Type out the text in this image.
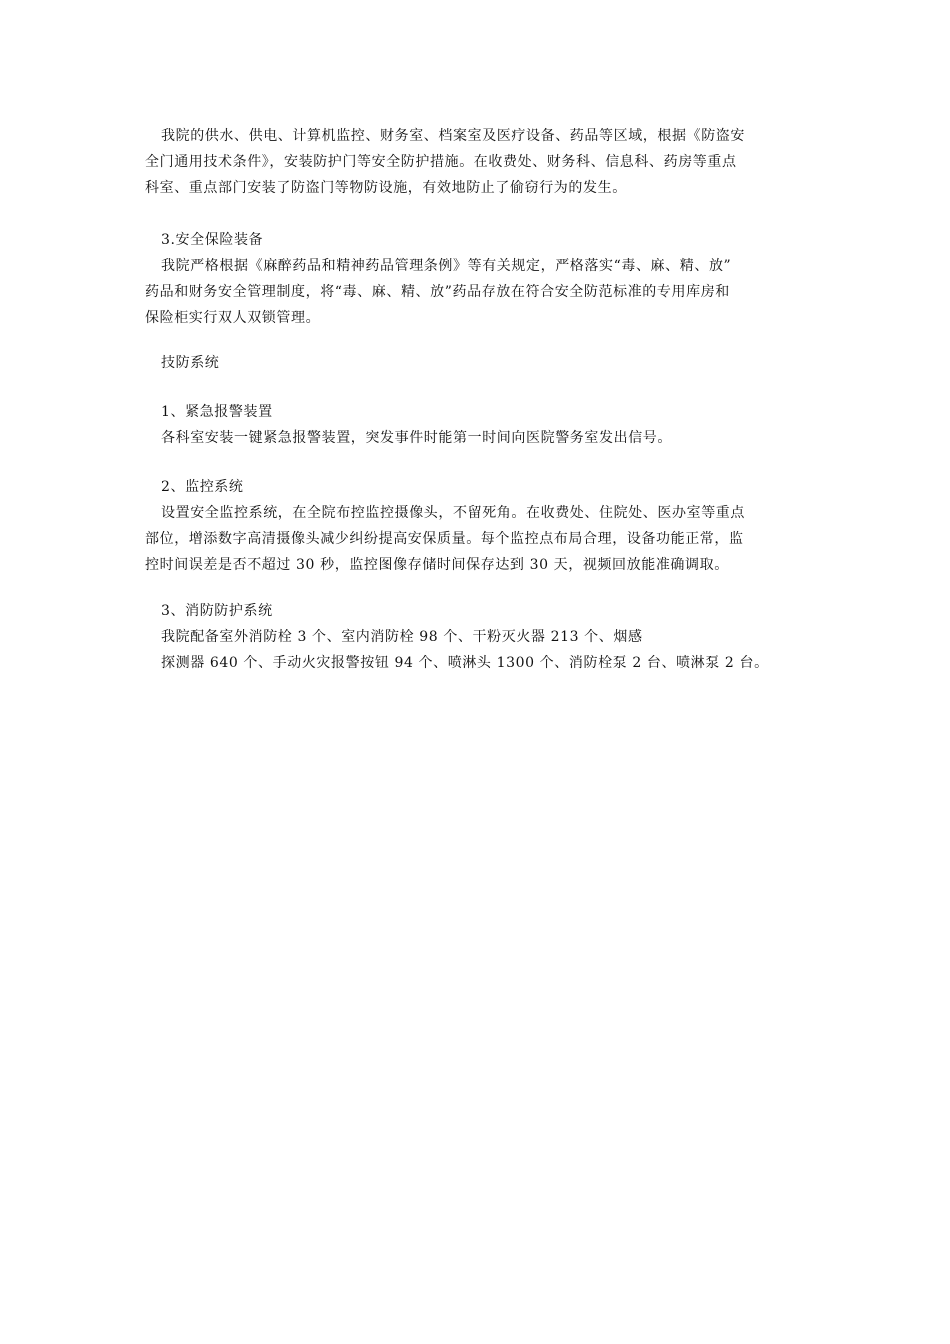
我院的供水、供电、计算机监控、财务室、档案室及医疗设备、药品等区域，根据《防盗安
全门通用技术条件》，安装防护门等安全防护措施。在收费处、财务科、信息科、药房等重点
科室、重点部门安装了防盗门等物防设施，有效地防止了偷窃行为的发生。
3.安全保险装备
我院严格根据《麻醉药品和精神药品管理条例》等有关规定，严格落实“毒、麻、精、放”
药品和财务安全管理制度，将“毒、麻、精、放”药品存放在符合安全防范标准的专用库房和
保险柜实行双人双锁管理。
技防系统
1、紧急报警装置
各科室安装一键紧急报警装置，突发事件时能第一时间向医院警务室发出信号。
2、监控系统
设置安全监控系统，在全院布控监控摄像头，不留死角。在收费处、住院处、医办室等重点
部位，增添数字高清摄像头减少纠纷提高安保质量。每个监控点布局合理，设备功能正常，监
控时间误差是否不超过 30 秒，监控图像存储时间保存达到 30 天，视频回放能准确调取。
3、消防防护系统
我院配备室外消防栓 3 个、室内消防栓 98 个、干粉灭火器 213 个、烟感
探测器 640 个、手动火灾报警按钮 94 个、喷淋头 1300 个、消防栓泵 2 台、喷淋泵 2 台。
